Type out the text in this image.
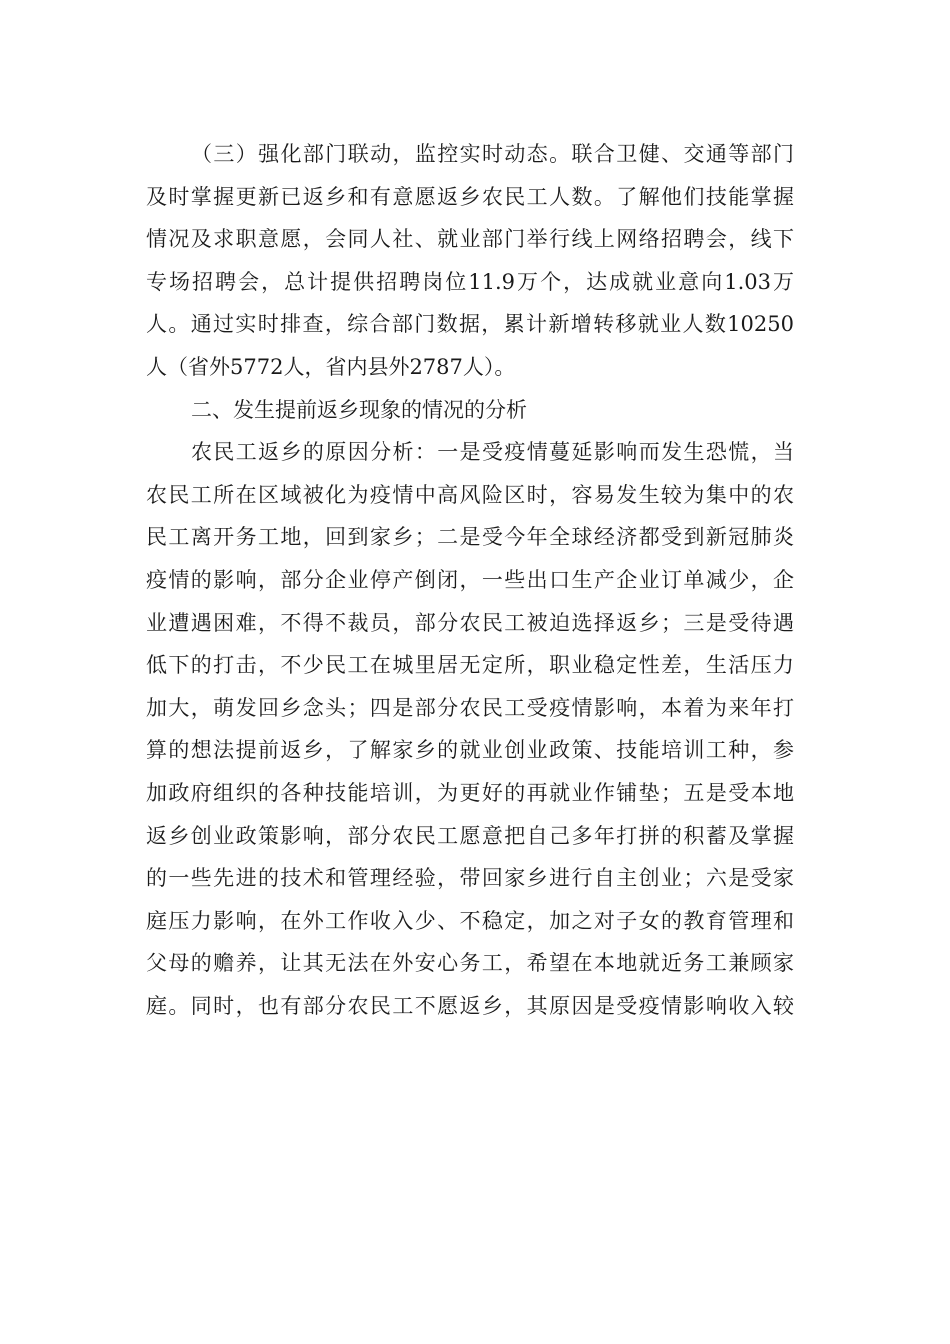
（三）强化部门联动，监控实时动态。联合卫健、交通等部门
及时掌握更新已返乡和有意愿返乡农民工人数。了解他们技能掌握
情况及求职意愿，会同人社、就业部门举行线上网络招聘会，线下
专场招聘会，总计提供招聘岗位11.9万个，达成就业意向1.03万
人。通过实时排查，综合部门数据，累计新增转移就业人数10250
人（省外5772人，省内县外2787人）。
二、发生提前返乡现象的情况的分析
农民工返乡的原因分析：一是受疫情蔓延影响而发生恐慌，当
农民工所在区域被化为疫情中高风险区时，容易发生较为集中的农
民工离开务工地，回到家乡；二是受今年全球经济都受到新冠肺炎
疫情的影响，部分企业停产倒闭，一些出口生产企业订单减少，企
业遭遇困难，不得不裁员，部分农民工被迫选择返乡；三是受待遇
低下的打击，不少民工在城里居无定所，职业稳定性差，生活压力
加大，萌发回乡念头；四是部分农民工受疫情影响，本着为来年打
算的想法提前返乡，了解家乡的就业创业政策、技能培训工种，参
加政府组织的各种技能培训，为更好的再就业作铺垫；五是受本地
返乡创业政策影响，部分农民工愿意把自己多年打拼的积蓄及掌握
的一些先进的技术和管理经验，带回家乡进行自主创业；六是受家
庭压力影响，在外工作收入少、不稳定，加之对子女的教育管理和
父母的赡养，让其无法在外安心务工，希望在本地就近务工兼顾家
庭。同时，也有部分农民工不愿返乡，其原因是受疫情影响收入较
